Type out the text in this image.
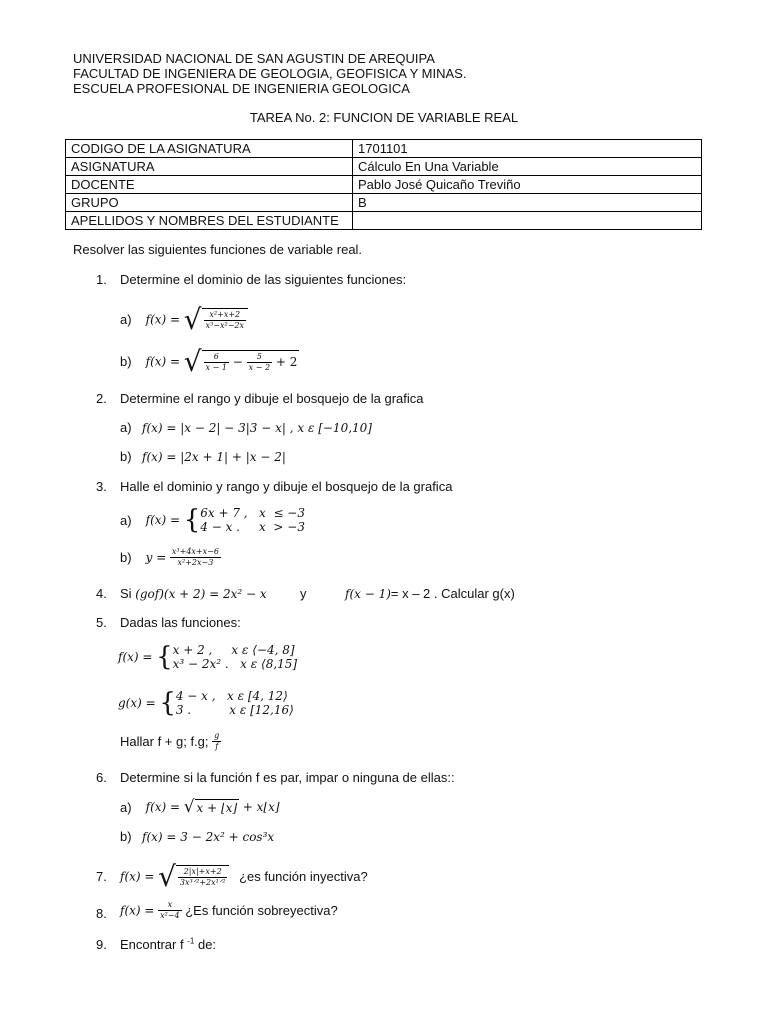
UNIVERSIDAD NACIONAL DE SAN AGUSTIN DE AREQUIPA
FACULTAD DE INGENIERA DE GEOLOGIA, GEOFISICA Y MINAS.
ESCUELA PROFESIONAL DE INGENIERIA GEOLOGICA
TAREA No. 2: FUNCION DE VARIABLE REAL
CODIGO DE LA ASIGNATURA	1701101
ASIGNATURA	Cálculo En Una Variable
DOCENTE	Pablo José Quicaño Treviño
GRUPO	B
APELLIDOS Y NOMBRES DEL ESTUDIANTE	
Resolver las siguientes funciones de variable real.
1. Determine el dominio de las siguientes funciones:
a) f(x) = √ $\frac{\text{x²+x+2}}{\text{x³−x²−2x}}$
b) f(x) = √ $\frac{6}{x - 1} - \frac{5}{x - 2} + 2$
2. Determine el rango y dibuje el bosquejo de la grafica
a) f(x) = |x − 2| − 3|3 − x| , x ε [−10,10]
b) f(x) = |2x + 1| + |x − 2|
3. Halle el dominio y rango y dibuje el bosquejo de la grafica
a) f(x) = { 6x + 7 ,   x  ≤ −3
4 − x .     x  > −3
b) $y = \frac{\text{x³+4x+x−6}}{\text{x²+2x−3}}$
4. Si (gof)(x + 2) = 2x² − x	y	f(x − 1)= x – 2 . Calcular g(x)
5. Dadas las funciones:
f(x) = { x + 2 ,     x ε ⟨−4, 8]
x³ − 2x² .   x ε ⟨8,15]
g(x) = { 4 − x ,   x ε [4, 12⟩
3 .          x ε [12,16⟩
Hallar f + g; f.g; $\frac{g}{f}$
6. Determine si la función f es par, impar o ninguna de ellas::
a) f(x) = √ x + ⌊x⌋ + x⌊x⌋
b) f(x) = 3 − 2x² + cos³x
7. f(x) = √ $\frac{2|x|+x+2}{\text{3x³ᐟ²+2x¹ᐟ²}}$ ¿es función inyectiva?
8. $f(x) = \frac{x}{\text{x²−4}}$ ¿Es función sobreyectiva?
9. Encontrar f $^{-1}$ de:
